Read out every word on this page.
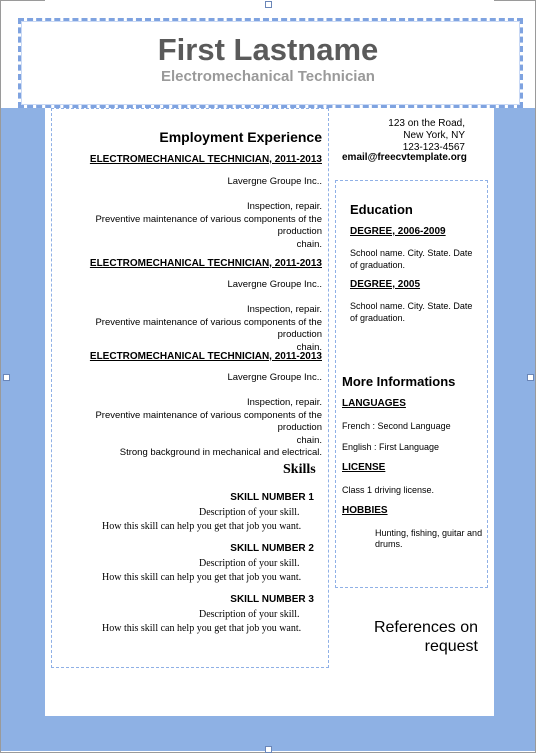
First Lastname
Electromechanical Technician
123 on the Road,
New York, NY
123-123-4567
email@freecvtemplate.org
Employment Experience
ELECTROMECHANICAL TECHNICIAN, 2011-2013
Lavergne Groupe Inc..
Inspection, repair.
Preventive maintenance of various components of the production
chain.
ELECTROMECHANICAL TECHNICIAN, 2011-2013
Lavergne Groupe Inc..
Inspection, repair.
Preventive maintenance of various components of the production
chain.
ELECTROMECHANICAL TECHNICIAN, 2011-2013
Lavergne Groupe Inc..
Inspection, repair.
Preventive maintenance of various components of the production
chain.
Strong background in mechanical and electrical.
Skills
SKILL NUMBER 1
Description of your skill.
How this skill can help you get that job you want.
SKILL NUMBER 2
Description of your skill.
How this skill can help you get that job you want.
SKILL NUMBER 3
Description of your skill.
How this skill can help you get that job you want.
Education
DEGREE, 2006-2009
School name. City. State. Date
of graduation.
DEGREE, 2005
School name. City. State. Date
of graduation.
More Informations
LANGUAGES
French : Second Language
English : First Language
LICENSE
Class 1 driving license.
HOBBIES
Hunting, fishing, guitar and
drums.
References on
request
